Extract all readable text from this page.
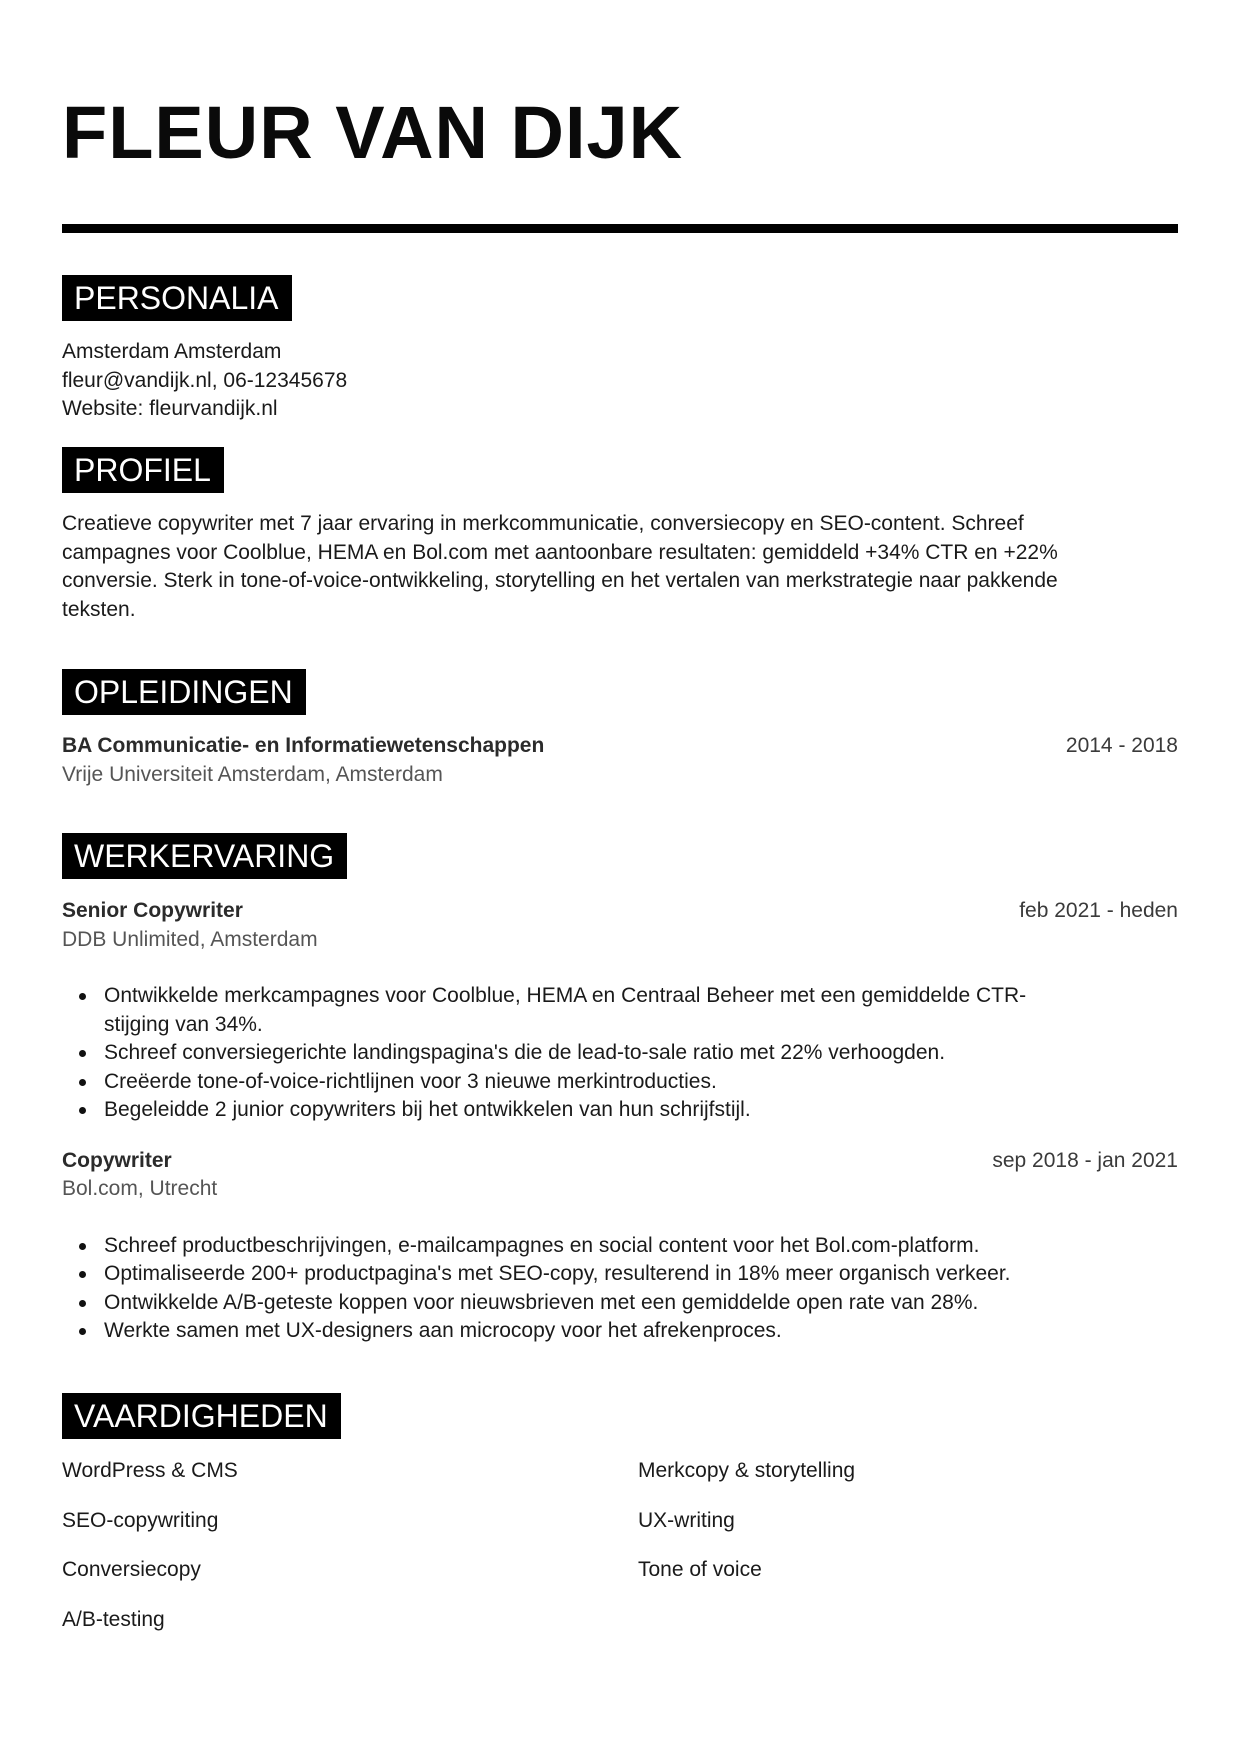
FLEUR VAN DIJK
PERSONALIA
Amsterdam Amsterdam
fleur@vandijk.nl, 06-12345678
Website: fleurvandijk.nl
PROFIEL
Creatieve copywriter met 7 jaar ervaring in merkcommunicatie, conversiecopy en SEO-content. Schreef
campagnes voor Coolblue, HEMA en Bol.com met aantoonbare resultaten: gemiddeld +34% CTR en +22%
conversie. Sterk in tone-of-voice-ontwikkeling, storytelling en het vertalen van merkstrategie naar pakkende
teksten.
OPLEIDINGEN
BA Communicatie- en Informatiewetenschappen	2014 - 2018
Vrije Universiteit Amsterdam, Amsterdam
WERKERVARING
Senior Copywriter	feb 2021 - heden
DDB Unlimited, Amsterdam
Ontwikkelde merkcampagnes voor Coolblue, HEMA en Centraal Beheer met een gemiddelde CTR-
stijging van 34%.
Schreef conversiegerichte landingspagina's die de lead-to-sale ratio met 22% verhoogden.
Creëerde tone-of-voice-richtlijnen voor 3 nieuwe merkintroducties.
Begeleidde 2 junior copywriters bij het ontwikkelen van hun schrijfstijl.
Copywriter	sep 2018 - jan 2021
Bol.com, Utrecht
Schreef productbeschrijvingen, e-mailcampagnes en social content voor het Bol.com-platform.
Optimaliseerde 200+ productpagina's met SEO-copy, resulterend in 18% meer organisch verkeer.
Ontwikkelde A/B-geteste koppen voor nieuwsbrieven met een gemiddelde open rate van 28%.
Werkte samen met UX-designers aan microcopy voor het afrekenproces.
VAARDIGHEDEN
WordPress & CMS	Merkcopy & storytelling
SEO-copywriting	UX-writing
Conversiecopy	Tone of voice
A/B-testing
